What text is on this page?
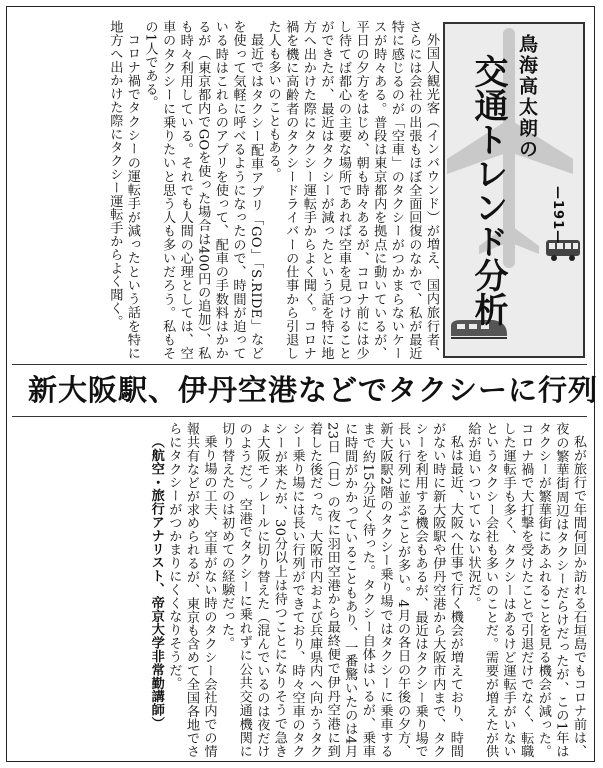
鳥海高太朗の
交通トレンド分析	—191—

外国人観光客（インバウンド）が増え、国内旅行者、さらには会社の出張もほぼ全面回復のなかで、私が最近特に感じるのが「空車」のタクシーがつかまらないケースが時々ある。普段は東京都内を拠点に動いているが、平日の夕方をはじめ、朝も時々あるが、コロナ前には少し待てば都心の主要な場所であれば空車を見つけることができたが、最近はタクシーが減ったという話を特に地方へ出かけた際にタクシー運転手からよく聞く。コロナ禍を機に高齢者のタクシードライバーの仕事から引退した人も多いのこともある。

最近ではタクシー配車アプリ「GO」「S.RIDE」などを使って気軽に呼べるようになったので、時間が迫っている時はこれらのアプリを使って、配車の手数料はかかるが（東京都内でGOを使った場合は400円の追加）、私も時々利用している。それでも人間の心理としては、空車のタクシーに乗りたいと思う人も多いだろう。私もその1人である。

コロナ禍でタクシーの運転手が減ったという話を特に地方へ出かけた際にタクシー運転手からよく聞く。

新大阪駅、伊丹空港などでタクシーに行列

私が旅行で年間何回か訪れる石垣島でもコロナ前は、夜の繁華街周辺はタクシーだらけだったが、この1年はタクシーが繁華街にあふれることを見る機会が減った。コロナ禍で大打撃を受けたことで引退だけでなく、転職した運転手も多く、タクシーはあるけど運転手がいないというタクシー会社も多いのことだ。需要が増えたが供給が追いついていない状況だ。

私は最近、大阪へ仕事で行く機会が増えており、時間がない時に新大阪駅や伊丹空港から大阪市内まで、タクシーを利用する機会もあるが、最近はタクシー乗り場で長い行列に並ぶことが多い。4月の各日の午後の夕方、新大阪駅2階のタクシー乗り場ではタクシーに乗車するまで約15分近く待った。タクシー自体はいるが、乗車に時間がかかっていることもあり、一番驚いたのは4月23日（日）の夜に羽田空港から最終便で伊丹空港に到着した後だった。大阪市内および兵庫県内へ向かうタクシー乗り場には長い行列ができており、時々空車のタクシーが来たが、30分以上は待つことになりそうで急きょ大阪モノレールに切り替えた（混んでいるのは夜だけのようだ）。空港でタクシーに乗れずに公共交通機関に切り替えたのは初めての経験だった。

乗り場の工夫、空車がない時のタクシー会社内での情報共有などが求められるが、東京も含めて全国各地でさらにタクシーがつかまりにくくなりそうだ。

（航空・旅行アナリスト、帝京大学非常勤講師）
